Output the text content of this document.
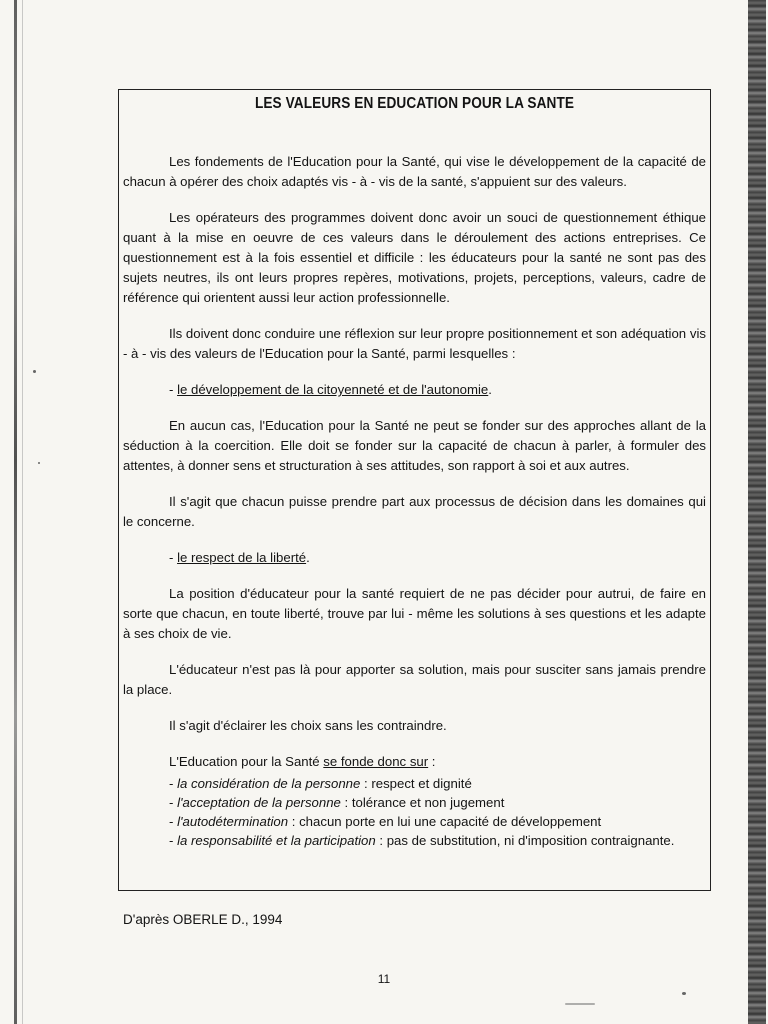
LES VALEURS EN EDUCATION POUR LA SANTE

Les fondements de l'Education pour la Santé, qui vise le développement de la capacité de chacun à opérer des choix adaptés vis - à - vis de la santé, s'appuient sur des valeurs.

Les opérateurs des programmes doivent donc avoir un souci de questionnement éthique quant à la mise en oeuvre de ces valeurs dans le déroulement des actions entreprises. Ce questionnement est à la fois essentiel et difficile : les éducateurs pour la santé ne sont pas des sujets neutres, ils ont leurs propres repères, motivations, projets, perceptions, valeurs, cadre de référence qui orientent aussi leur action professionnelle.

Ils doivent donc conduire une réflexion sur leur propre positionnement et son adéquation vis - à - vis des valeurs de l'Education pour la Santé, parmi lesquelles :

- le développement de la citoyenneté et de l'autonomie.

En aucun cas, l'Education pour la Santé ne peut se fonder sur des approches allant de la séduction à la coercition. Elle doit se fonder sur la capacité de chacun à parler, à formuler des attentes, à donner sens et structuration à ses attitudes, son rapport à soi et aux autres.

Il s'agit que chacun puisse prendre part aux processus de décision dans les domaines qui le concerne.

- le respect de la liberté.

La position d'éducateur pour la santé requiert de ne pas décider pour autrui, de faire en sorte que chacun, en toute liberté, trouve par lui - même les solutions à ses questions et les adapte à ses choix de vie.

L'éducateur n'est pas là pour apporter sa solution, mais pour susciter sans jamais prendre la place.

Il s'agit d'éclairer les choix sans les contraindre.

L'Education pour la Santé se fonde donc sur :

- la considération de la personne : respect et dignité
- l'acceptation de la personne : tolérance et non jugement
- l'autodétermination : chacun porte en lui une capacité de développement
- la responsabilité et la participation : pas de substitution, ni d'imposition contraignante.
D'après OBERLE D., 1994
11
